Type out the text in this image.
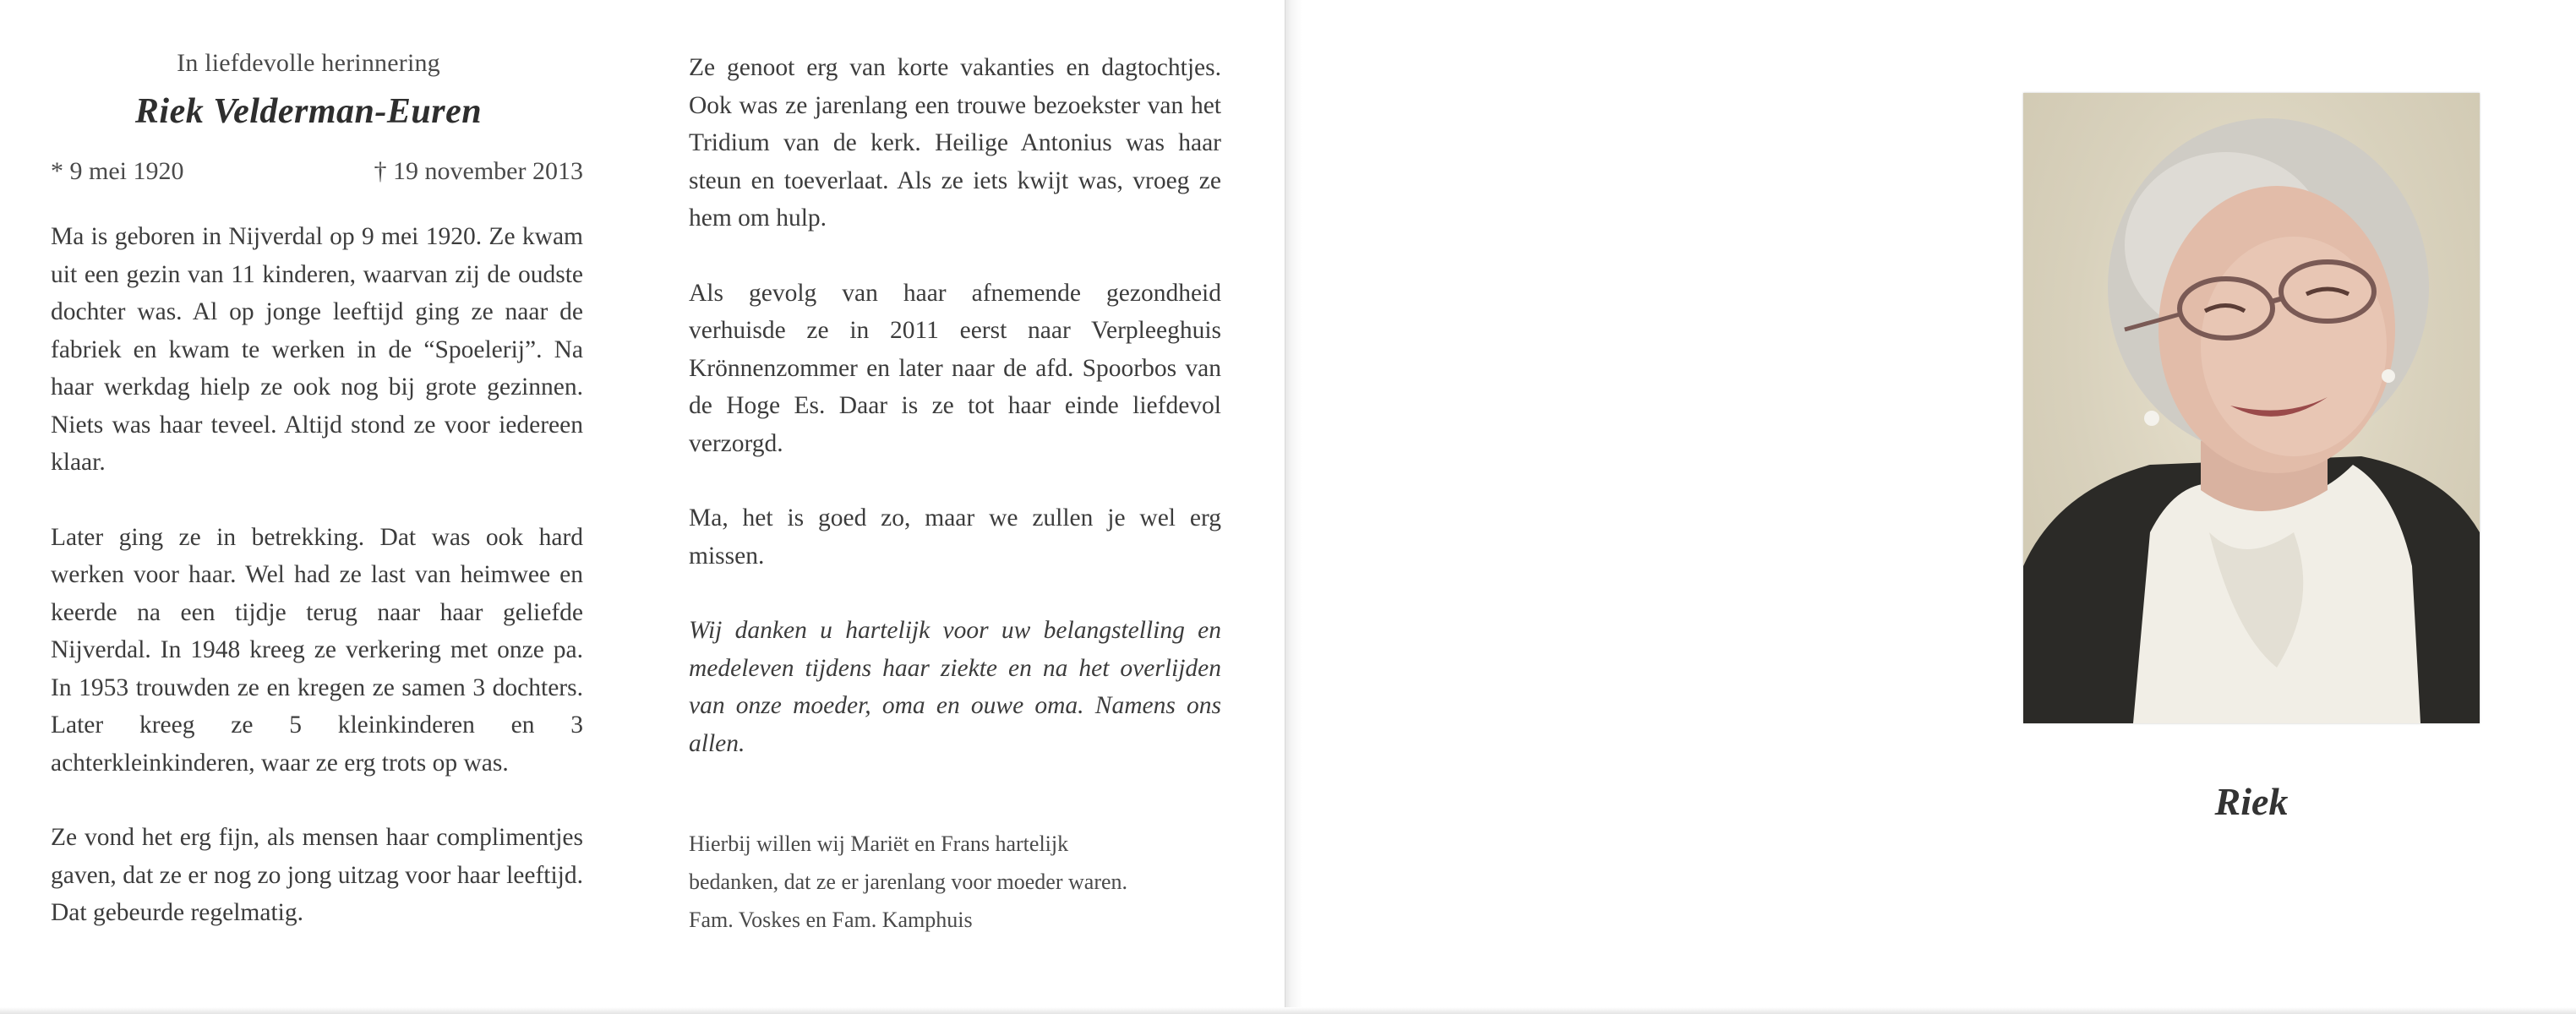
In liefdevolle herinnering

Riek Velderman-Euren

* 9 mei 1920	† 19 november 2013

Ma is geboren in Nijverdal op 9 mei 1920. Ze kwam uit een gezin van 11 kinderen, waarvan zij de oudste dochter was. Al op jonge leeftijd ging ze naar de fabriek en kwam te werken in de “Spoelerij”. Na haar werkdag hielp ze ook nog bij grote gezinnen. Niets was haar teveel. Altijd stond ze voor iedereen klaar.

Later ging ze in betrekking. Dat was ook hard werken voor haar. Wel had ze last van heimwee en keerde na een tijdje terug naar haar geliefde Nijverdal. In 1948 kreeg ze verkering met onze pa. In 1953 trouwden ze en kregen ze samen 3 dochters. Later kreeg ze 5 kleinkinderen en 3 achterkleinkinderen, waar ze erg trots op was.

Ze vond het erg fijn, als mensen haar complimentjes gaven, dat ze er nog zo jong uitzag voor haar leeftijd. Dat gebeurde regelmatig.

Ze genoot erg van korte vakanties en dagtochtjes. Ook was ze jarenlang een trouwe bezoekster van het Tridium van de kerk. Heilige Antonius was haar steun en toeverlaat. Als ze iets kwijt was, vroeg ze hem om hulp.

Als gevolg van haar afnemende gezondheid verhuisde ze in 2011 eerst naar Verpleeghuis Krönnenzommer en later naar de afd. Spoorbos van de Hoge Es. Daar is ze tot haar einde liefdevol verzorgd.

Ma, het is goed zo, maar we zullen je wel erg missen.

Wij danken u hartelijk voor uw belangstelling en medeleven tijdens haar ziekte en na het overlijden van onze moeder, oma en ouwe oma. Namens ons allen.

Hierbij willen wij Mariët en Frans hartelijk

bedanken, dat ze er jarenlang voor moeder waren.

Fam. Voskes en Fam. Kamphuis

Riek
